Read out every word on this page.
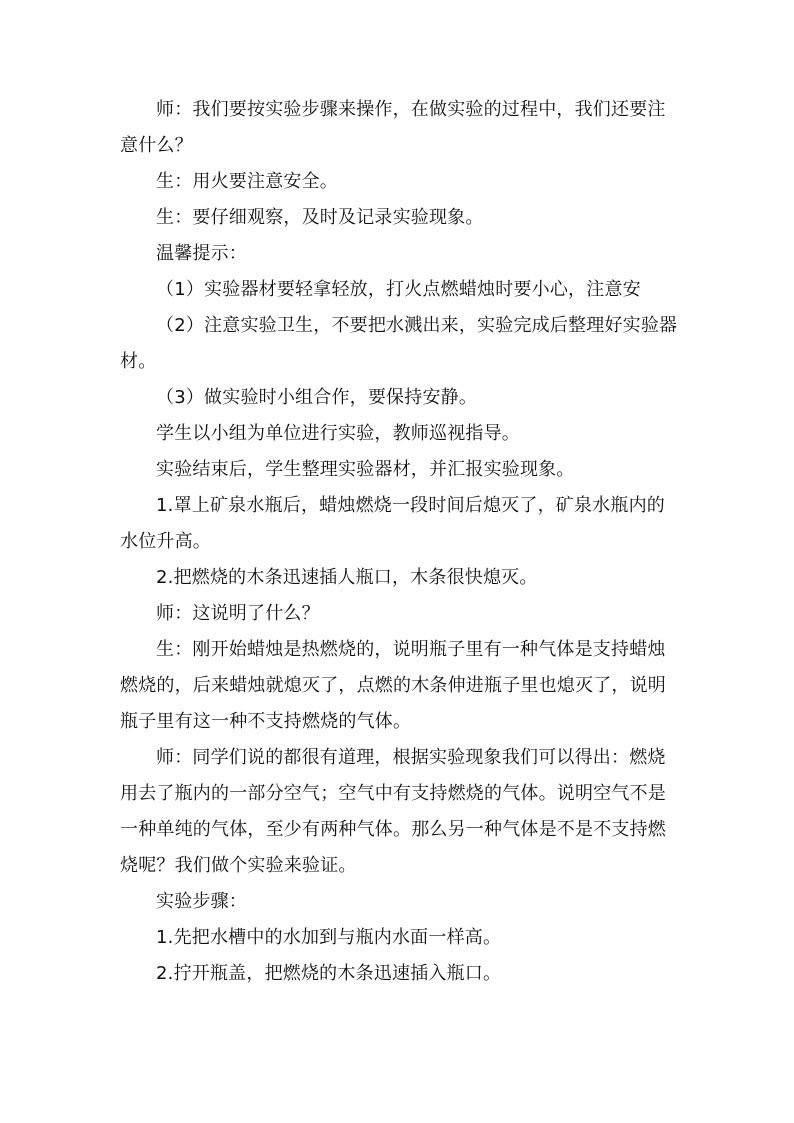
师：我们要按实验步骤来操作，在做实验的过程中，我们还要注意什么？

生：用火要注意安全。

生：要仔细观察，及时及记录实验现象。

温馨提示：

（1）实验器材要轻拿轻放，打火点燃蜡烛时要小心，注意安

（2）注意实验卫生，不要把水溅出来，实验完成后整理好实验器材。

（3）做实验时小组合作，要保持安静。

学生以小组为单位进行实验，教师巡视指导。

实验结束后，学生整理实验器材，并汇报实验现象。

1.罩上矿泉水瓶后，蜡烛燃烧一段时间后熄灭了，矿泉水瓶内的水位升高。

2.把燃烧的木条迅速插人瓶口，木条很快熄灭。

师：这说明了什么？

生：刚开始蜡烛是热燃烧的，说明瓶子里有一种气体是支持蜡烛燃烧的，后来蜡烛就熄灭了，点燃的木条伸进瓶子里也熄灭了，说明瓶子里有这一种不支持燃烧的气体。

师：同学们说的都很有道理，根据实验现象我们可以得出：燃烧用去了瓶内的一部分空气；空气中有支持燃烧的气体。说明空气不是一种单纯的气体，至少有两种气体。那么另一种气体是不是不支持燃烧呢？我们做个实验来验证。

实验步骤：

1.先把水槽中的水加到与瓶内水面一样高。

2.拧开瓶盖，把燃烧的木条迅速插入瓶口。
